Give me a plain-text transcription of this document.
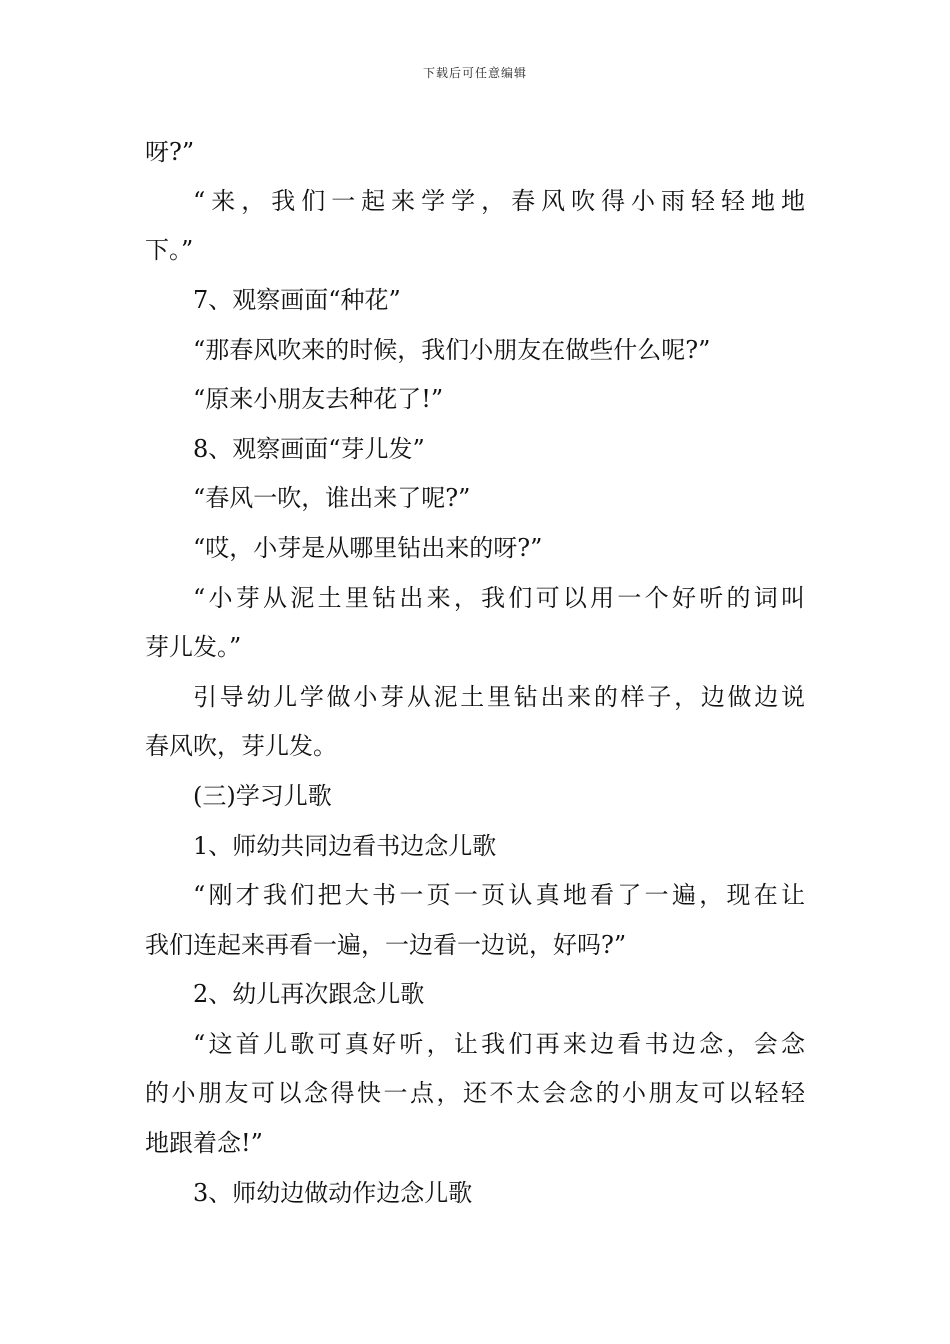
下载后可任意编辑
呀?”
“来，我们一起来学学，春风吹得小雨轻轻地地
下。”
7、观察画面“种花”
“那春风吹来的时候，我们小朋友在做些什么呢?”
“原来小朋友去种花了!”
8、观察画面“芽儿发”
“春风一吹，谁出来了呢?”
“哎，小芽是从哪里钻出来的呀?”
“小芽从泥土里钻出来，我们可以用一个好听的词叫
芽儿发。”
引导幼儿学做小芽从泥土里钻出来的样子，边做边说
春风吹，芽儿发。
(三)学习儿歌
1、师幼共同边看书边念儿歌
“刚才我们把大书一页一页认真地看了一遍，现在让
我们连起来再看一遍，一边看一边说，好吗?”
2、幼儿再次跟念儿歌
“这首儿歌可真好听，让我们再来边看书边念，会念
的小朋友可以念得快一点，还不太会念的小朋友可以轻轻
地跟着念!”
3、师幼边做动作边念儿歌
